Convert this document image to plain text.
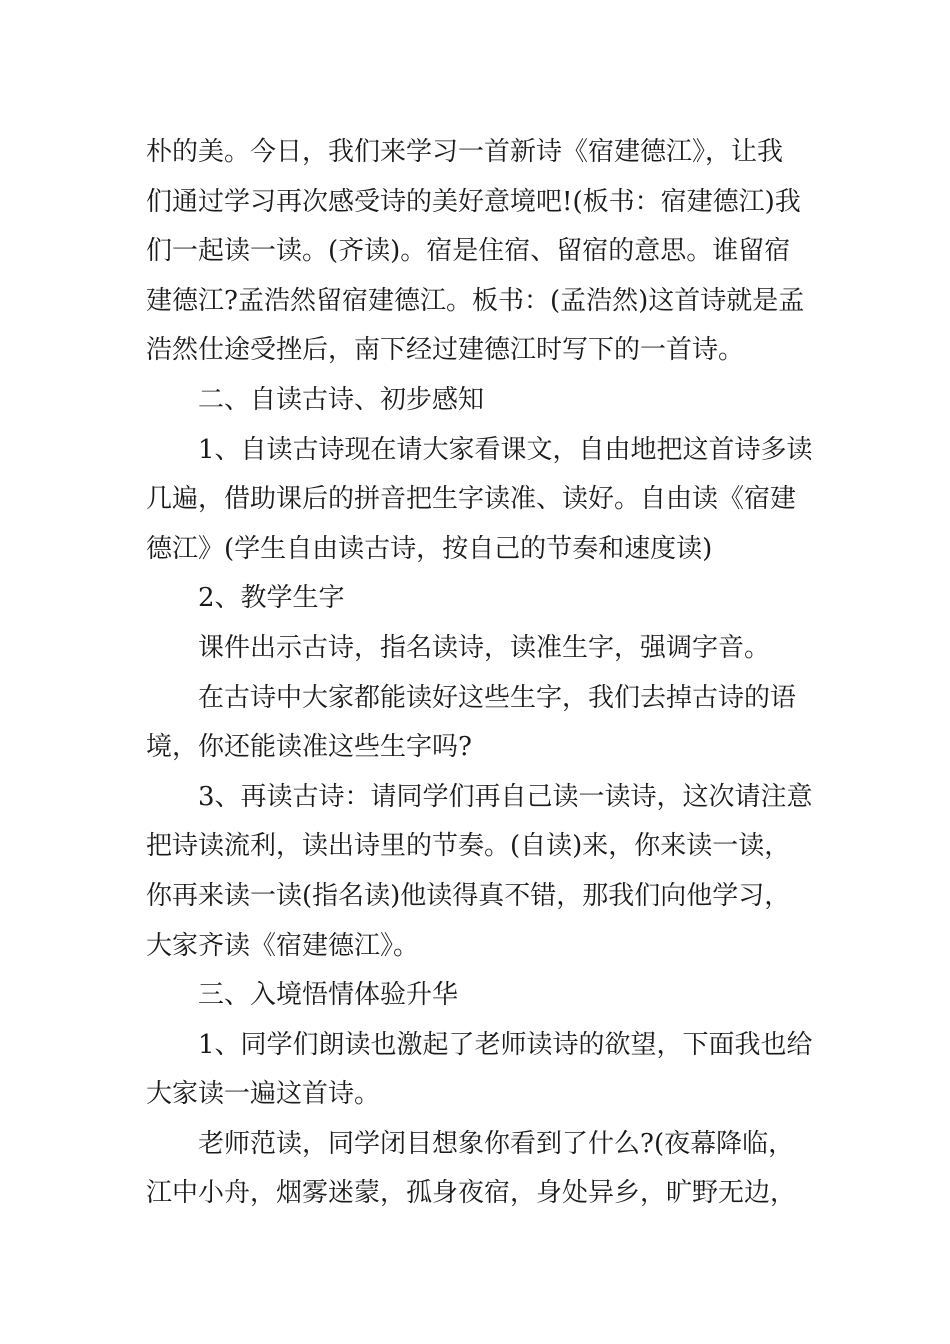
朴的美。今日，我们来学习一首新诗《宿建德江》，让我
们通过学习再次感受诗的美好意境吧!(板书：宿建德江)我
们一起读一读。(齐读)。宿是住宿、留宿的意思。谁留宿
建德江?孟浩然留宿建德江。板书：(孟浩然)这首诗就是孟
浩然仕途受挫后，南下经过建德江时写下的一首诗。
二、自读古诗、初步感知
1、自读古诗现在请大家看课文，自由地把这首诗多读
几遍，借助课后的拼音把生字读准、读好。自由读《宿建
德江》(学生自由读古诗，按自己的节奏和速度读)
2、教学生字
课件出示古诗，指名读诗，读准生字，强调字音。
在古诗中大家都能读好这些生字，我们去掉古诗的语
境，你还能读准这些生字吗?
3、再读古诗：请同学们再自己读一读诗，这次请注意
把诗读流利，读出诗里的节奏。(自读)来，你来读一读，
你再来读一读(指名读)他读得真不错，那我们向他学习，
大家齐读《宿建德江》。
三、入境悟情体验升华
1、同学们朗读也激起了老师读诗的欲望，下面我也给
大家读一遍这首诗。
老师范读，同学闭目想象你看到了什么?(夜幕降临，
江中小舟，烟雾迷蒙，孤身夜宿，身处异乡，旷野无边，
